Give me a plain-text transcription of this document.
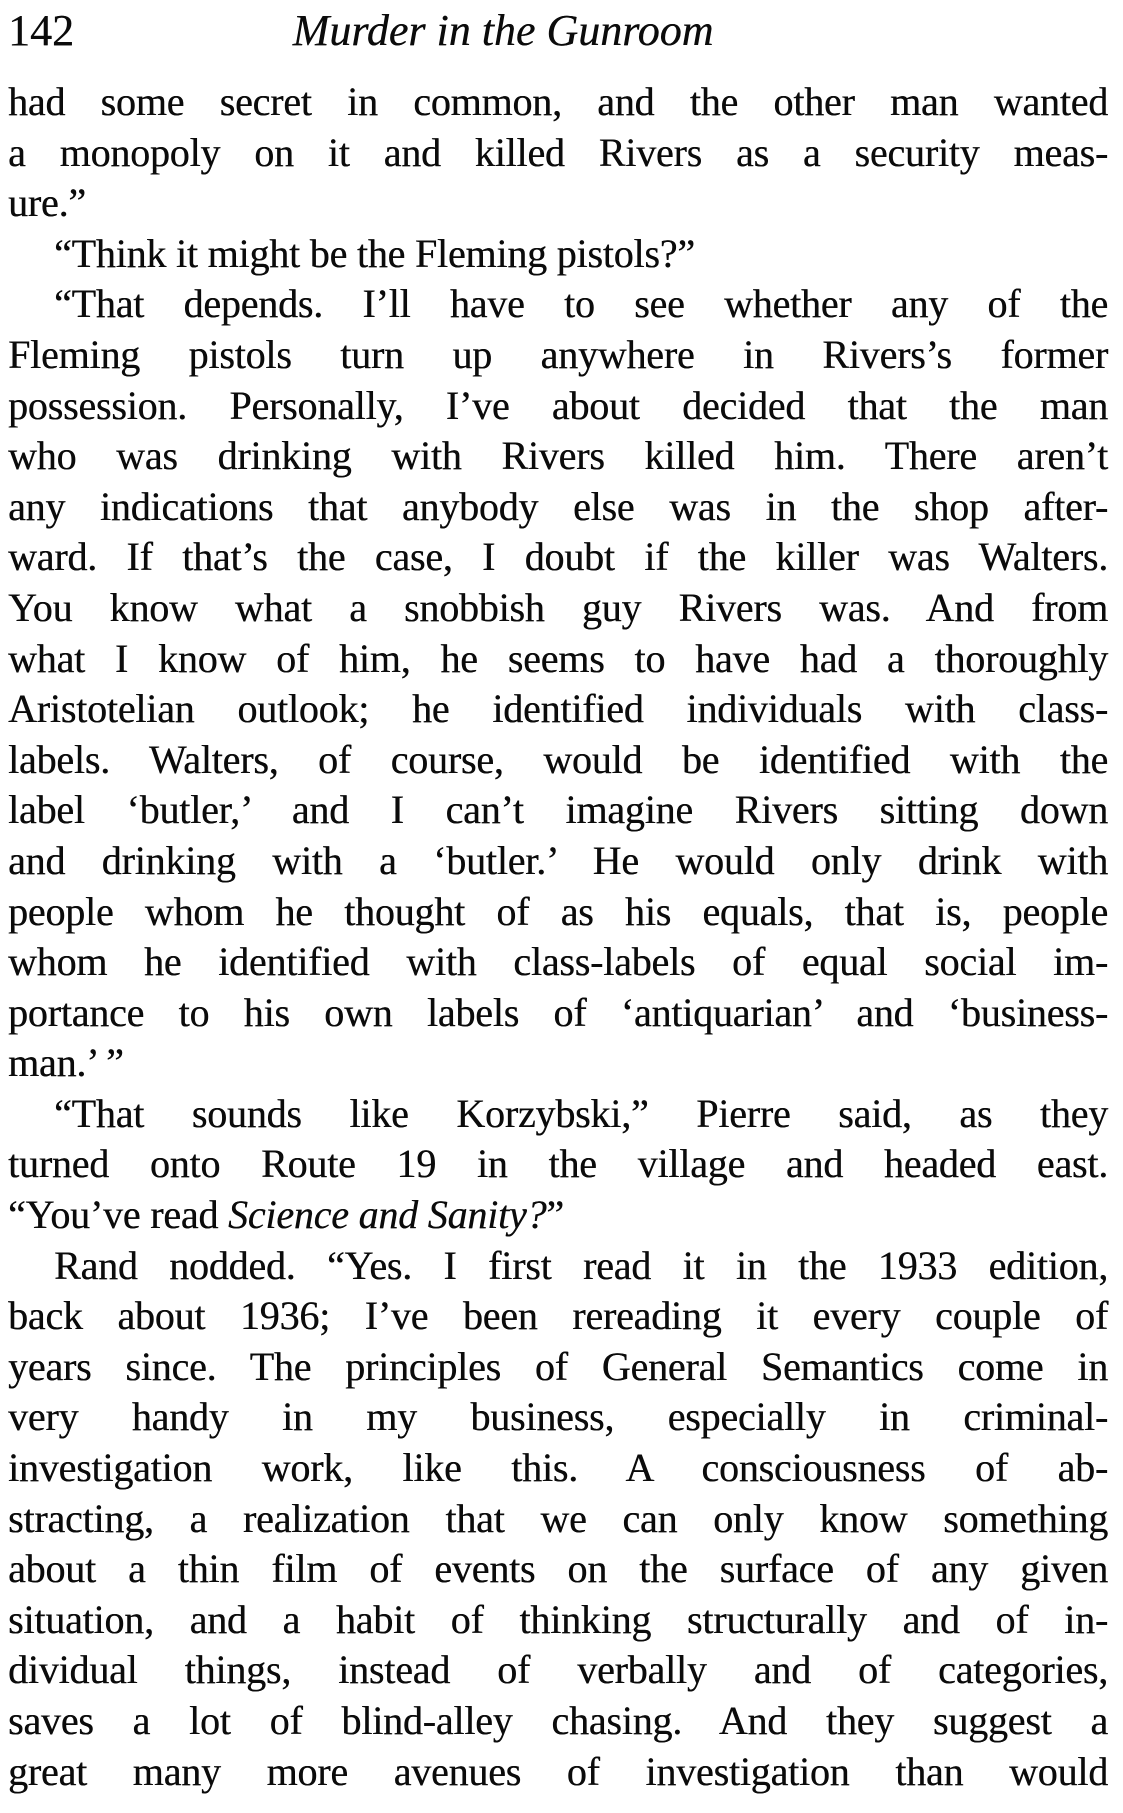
142	Murder in the Gunroom
had some secret in common, and the other man wanted
a monopoly on it and killed Rivers as a security meas-
ure.”
“Think it might be the Fleming pistols?”
“That depends. I’ll have to see whether any of the
Fleming pistols turn up anywhere in Rivers’s former
possession. Personally, I’ve about decided that the man
who was drinking with Rivers killed him. There aren’t
any indications that anybody else was in the shop after-
ward. If that’s the case, I doubt if the killer was Walters.
You know what a snobbish guy Rivers was. And from
what I know of him, he seems to have had a thoroughly
Aristotelian outlook; he identified individuals with class-
labels. Walters, of course, would be identified with the
label ‘butler,’ and I can’t imagine Rivers sitting down
and drinking with a ‘butler.’ He would only drink with
people whom he thought of as his equals, that is, people
whom he identified with class-labels of equal social im-
portance to his own labels of ‘antiquarian’ and ‘business-
man.’ ”
“That sounds like Korzybski,” Pierre said, as they
turned onto Route 19 in the village and headed east.
“You’ve read Science and Sanity?”
Rand nodded. “Yes. I first read it in the 1933 edition,
back about 1936; I’ve been rereading it every couple of
years since. The principles of General Semantics come in
very handy in my business, especially in criminal-
investigation work, like this. A consciousness of ab-
stracting, a realization that we can only know something
about a thin film of events on the surface of any given
situation, and a habit of thinking structurally and of in-
dividual things, instead of verbally and of categories,
saves a lot of blind-alley chasing. And they suggest a
great many more avenues of investigation than would
